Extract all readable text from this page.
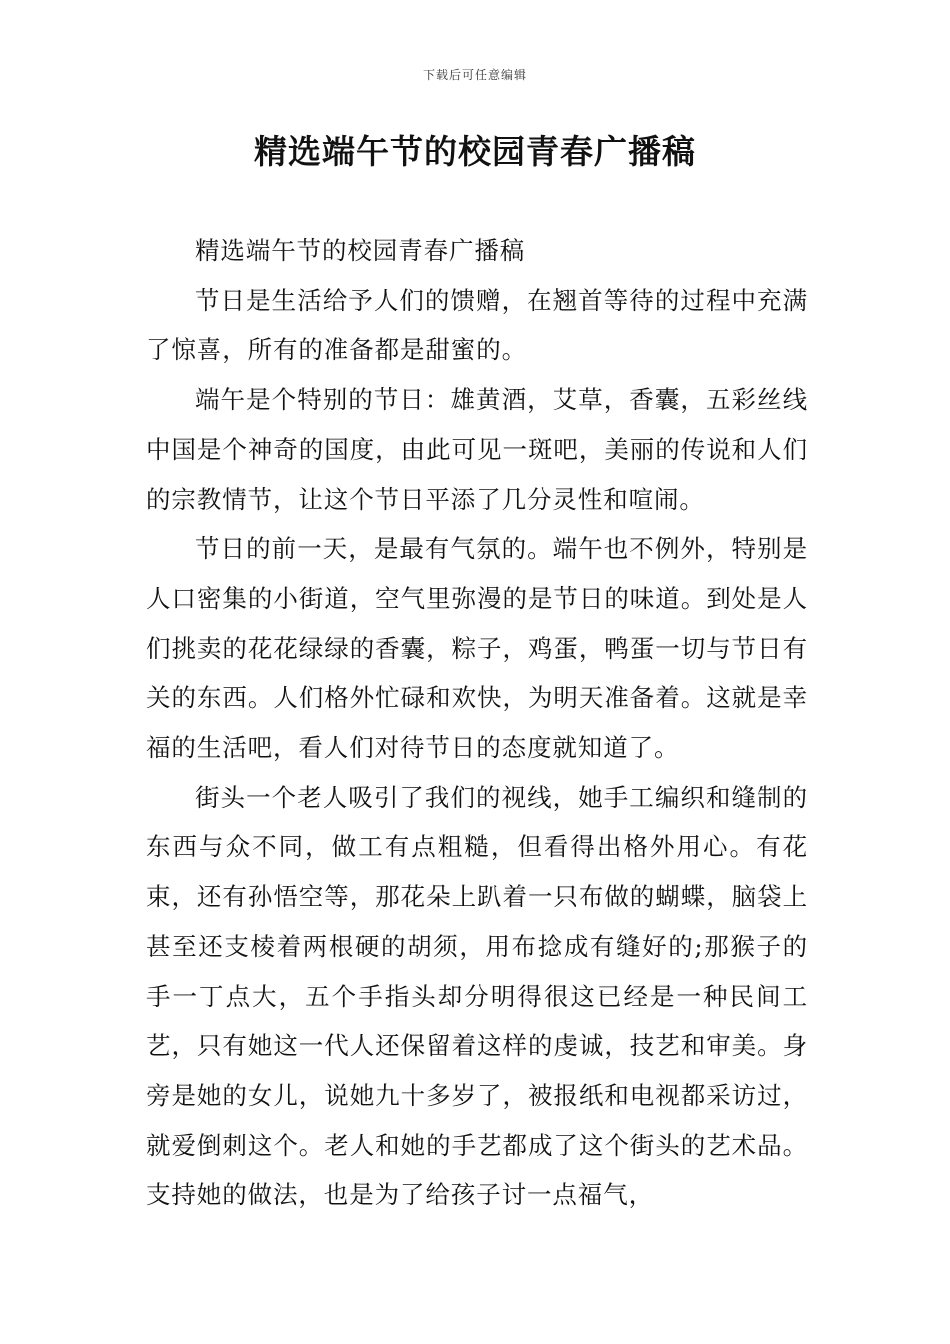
下载后可任意编辑
精选端午节的校园青春广播稿

精选端午节的校园青春广播稿

节日是生活给予人们的馈赠，在翘首等待的过程中充满了惊喜，所有的准备都是甜蜜的。

端午是个特别的节日：雄黄酒，艾草，香囊，五彩丝线中国是个神奇的国度，由此可见一斑吧，美丽的传说和人们的宗教情节，让这个节日平添了几分灵性和喧闹。

节日的前一天，是最有气氛的。端午也不例外，特别是人口密集的小街道，空气里弥漫的是节日的味道。到处是人们挑卖的花花绿绿的香囊，粽子，鸡蛋，鸭蛋一切与节日有关的东西。人们格外忙碌和欢快，为明天准备着。这就是幸福的生活吧，看人们对待节日的态度就知道了。

街头一个老人吸引了我们的视线，她手工编织和缝制的东西与众不同，做工有点粗糙，但看得出格外用心。有花束，还有孙悟空等，那花朵上趴着一只布做的蝴蝶，脑袋上甚至还支棱着两根硬的胡须，用布捻成有缝好的;那猴子的手一丁点大，五个手指头却分明得很这已经是一种民间工艺，只有她这一代人还保留着这样的虔诚，技艺和审美。身旁是她的女儿，说她九十多岁了，被报纸和电视都采访过，就爱倒刺这个。老人和她的手艺都成了这个街头的艺术品。支持她的做法，也是为了给孩子讨一点福气，
